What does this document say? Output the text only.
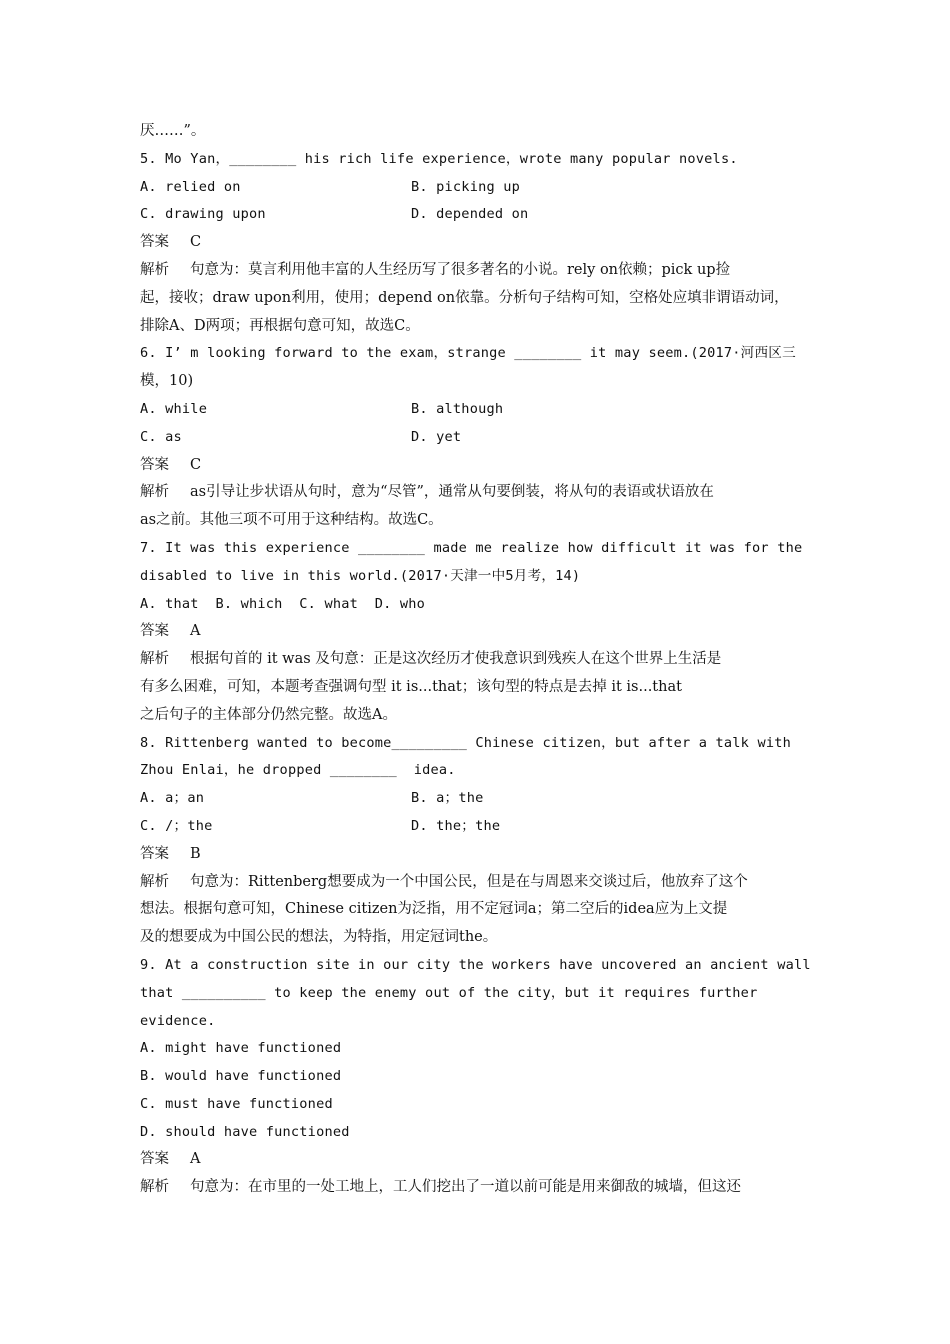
厌……”。
5. Mo Yan，________ his rich life experience，wrote many popular novels.
A. relied on	B. picking up
C. drawing upon	D. depended on
答案 C
解析 句意为：莫言利用他丰富的人生经历写了很多著名的小说。rely on依赖；pick up捡
起，接收；draw upon利用，使用；depend on依靠。分析句子结构可知，空格处应填非谓语动词，
排除A、D两项；再根据句意可知，故选C。
6. I’ m looking forward to the exam，strange ________ it may seem.(2017·河西区三
模，10)
A. while	B. although
C. as	D. yet
答案 C
解析 as引导让步状语从句时，意为“尽管”，通常从句要倒装，将从句的表语或状语放在
as之前。其他三项不可用于这种结构。故选C。
7. It was this experience ________ made me realize how difficult it was for the
disabled to live in this world.(2017·天津一中5月考，14)
A. that  B. which  C. what  D. who
答案 A
解析 根据句首的 it was 及句意：正是这次经历才使我意识到残疾人在这个世界上生活是
有多么困难，可知，本题考查强调句型 it is...that；该句型的特点是去掉 it is...that
之后句子的主体部分仍然完整。故选A。
8. Rittenberg wanted to become_________ Chinese citizen，but after a talk with
Zhou Enlai，he dropped ________  idea.
A. a；an	B. a；the
C. /；the	D. the；the
答案 B
解析 句意为：Rittenberg想要成为一个中国公民，但是在与周恩来交谈过后，他放弃了这个
想法。根据句意可知，Chinese citizen为泛指，用不定冠词a；第二空后的idea应为上文提
及的想要成为中国公民的想法，为特指，用定冠词the。
9. At a construction site in our city the workers have uncovered an ancient wall
that __________ to keep the enemy out of the city，but it requires further
evidence.
A. might have functioned
B. would have functioned
C. must have functioned
D. should have functioned
答案 A
解析 句意为：在市里的一处工地上，工人们挖出了一道以前可能是用来御敌的城墙，但这还
